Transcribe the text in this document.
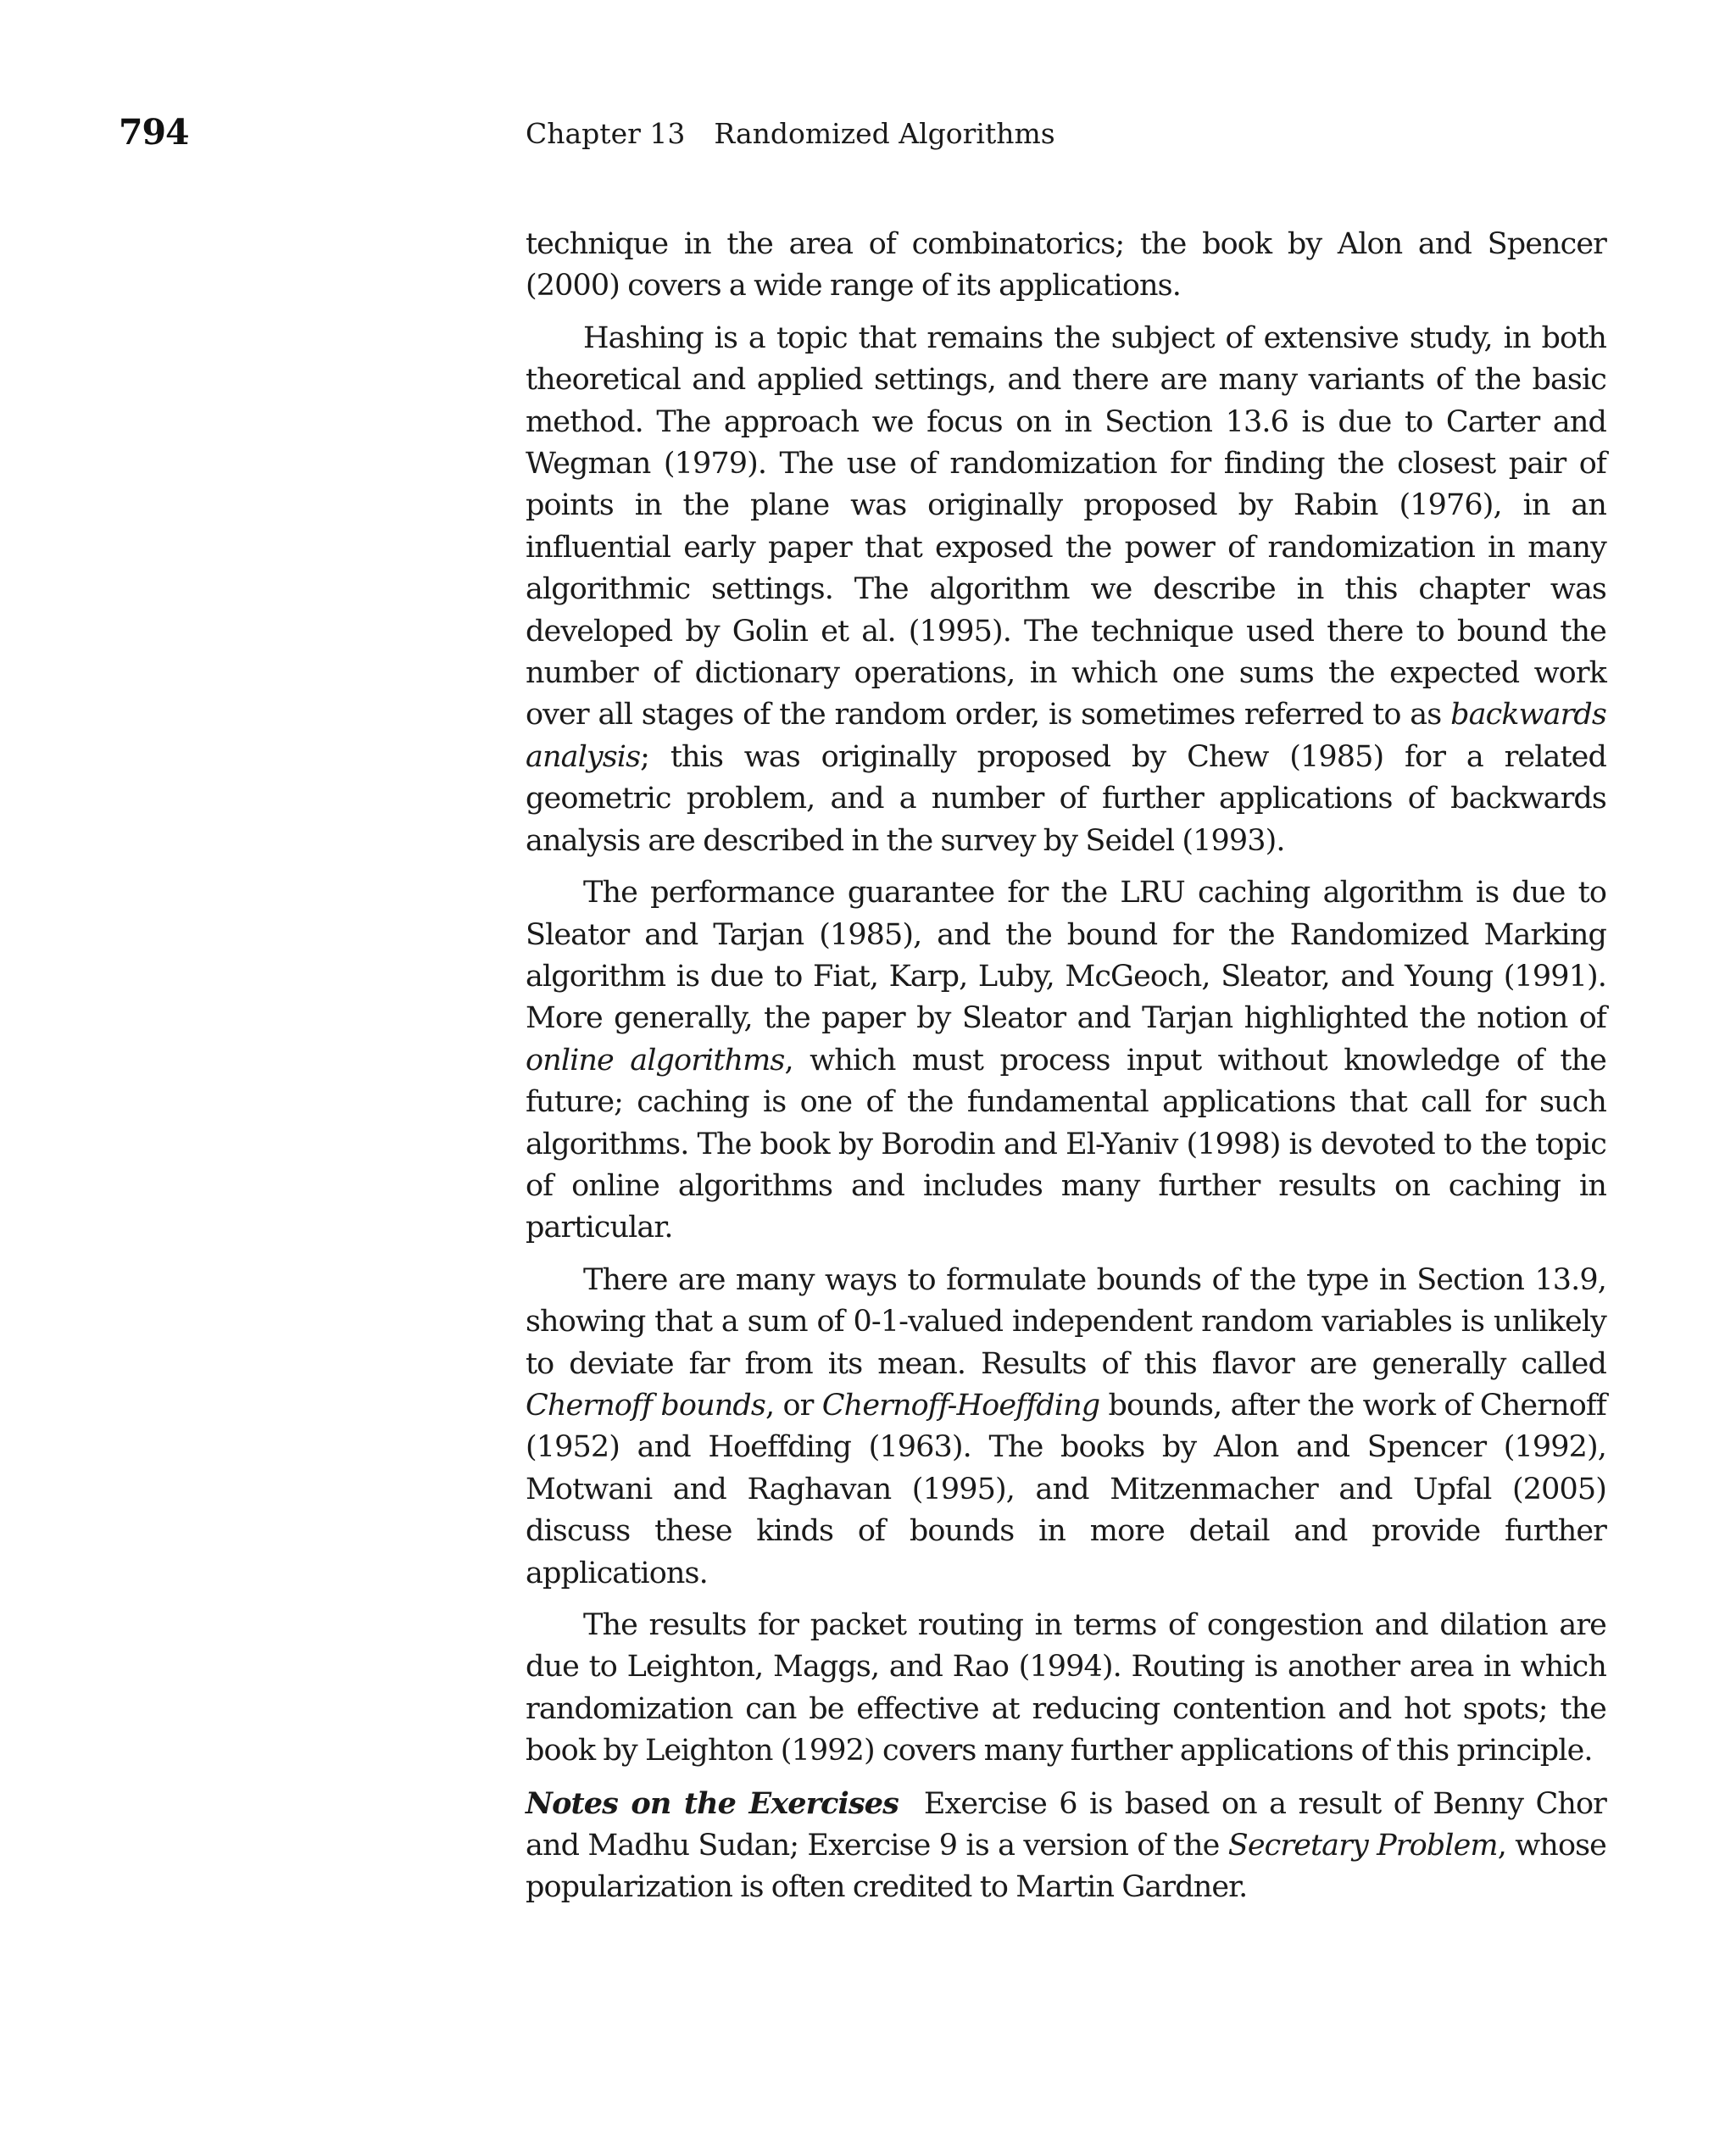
794	Chapter 13 Randomized Algorithms

technique in the area of combinatorics; the book by Alon and Spencer (2000) covers a wide range of its applications.

Hashing is a topic that remains the subject of extensive study, in both theoretical and applied settings, and there are many variants of the basic method. The approach we focus on in Section 13.6 is due to Carter and Wegman (1979). The use of randomization for finding the closest pair of points in the plane was originally proposed by Rabin (1976), in an influential early paper that exposed the power of randomization in many algorithmic settings. The algorithm we describe in this chapter was developed by Golin et al. (1995). The technique used there to bound the number of dictionary operations, in which one sums the expected work over all stages of the random order, is sometimes referred to as backwards analysis; this was originally proposed by Chew (1985) for a related geometric problem, and a number of further applications of backwards analysis are described in the survey by Seidel (1993).

The performance guarantee for the LRU caching algorithm is due to Sleator and Tarjan (1985), and the bound for the Randomized Marking algorithm is due to Fiat, Karp, Luby, McGeoch, Sleator, and Young (1991). More generally, the paper by Sleator and Tarjan highlighted the notion of online algorithms, which must process input without knowledge of the future; caching is one of the fundamental applications that call for such algorithms. The book by Borodin and El-Yaniv (1998) is devoted to the topic of online algorithms and includes many further results on caching in particular.

There are many ways to formulate bounds of the type in Section 13.9, showing that a sum of 0-1-valued independent random variables is unlikely to deviate far from its mean. Results of this flavor are generally called Chernoff bounds, or Chernoff-Hoeffding bounds, after the work of Chernoff (1952) and Hoeffding (1963). The books by Alon and Spencer (1992), Motwani and Raghavan (1995), and Mitzenmacher and Upfal (2005) discuss these kinds of bounds in more detail and provide further applications.

The results for packet routing in terms of congestion and dilation are due to Leighton, Maggs, and Rao (1994). Routing is another area in which randomization can be effective at reducing contention and hot spots; the book by Leighton (1992) covers many further applications of this principle.

Notes on the Exercises Exercise 6 is based on a result of Benny Chor and Madhu Sudan; Exercise 9 is a version of the Secretary Problem, whose popularization is often credited to Martin Gardner.
